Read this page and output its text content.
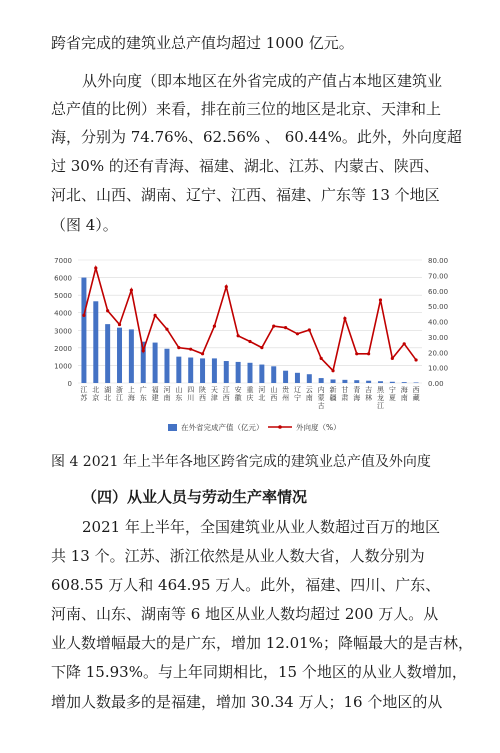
跨省完成的建筑业总产值均超过 1000 亿元。
从外向度（即本地区在外省完成的产值占本地区建筑业
总产值的比例）来看，排在前三位的地区是北京、天津和上
海，分别为 74.76%、62.56% 、 60.44%。此外，外向度超
过 30% 的还有青海、福建、湖北、江苏、内蒙古、陕西、
河北、山西、湖南、辽宁、江西、福建、广东等 13 个地区
（图 4）。
0
1000
2000
3000
4000
5000
6000
7000
0.00
10.00
20.00
30.00
40.00
50.00
60.00
70.00
80.00
江苏
北京
湖北
浙江
上海
广东
福建
河南
山东
四川
陕西
天津
江西
安徽
重庆
河北
山西
贵州
辽宁
云南
内蒙古
新疆
甘肃
青海
吉林
黑龙江
宁夏
海南
西藏
在外省完成产值（亿元）	外向度（%）
图 4 2021 年上半年各地区跨省完成的建筑业总产值及外向度
（四）从业人员与劳动生产率情况
2021 年上半年，全国建筑业从业人数超过百万的地区
共 13 个。江苏、浙江依然是从业人数大省，人数分别为
608.55 万人和 464.95 万人。此外，福建、四川、广东、
河南、山东、湖南等 6 地区从业人数均超过 200 万人。从
业人数增幅最大的是广东，增加 12.01%；降幅最大的是吉林，
下降 15.93%。与上年同期相比，15 个地区的从业人数增加，
增加人数最多的是福建，增加 30.34 万人；16 个地区的从
